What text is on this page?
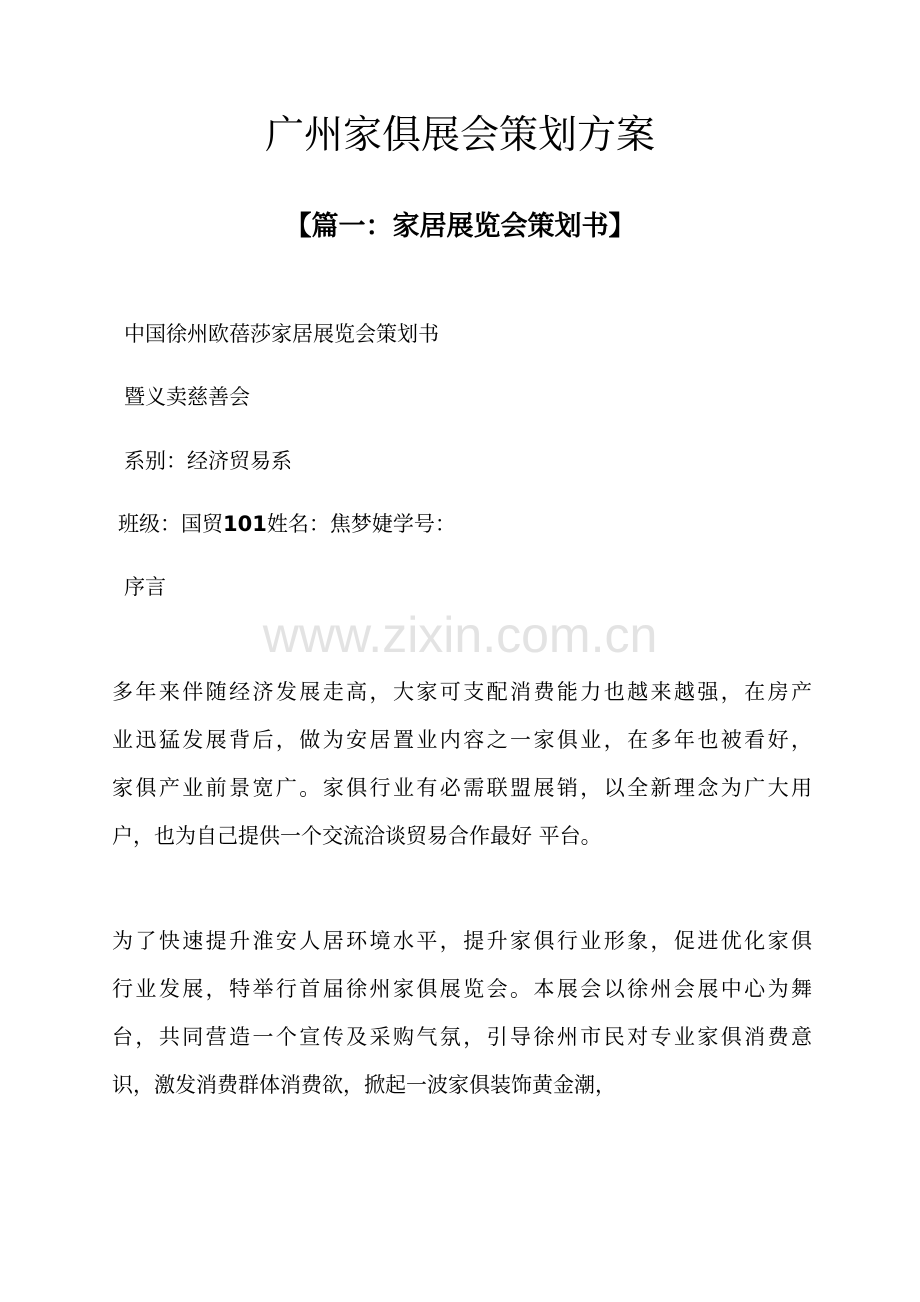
广州家俱展会策划方案
【篇一：家居展览会策划书】
中国徐州欧蓓莎家居展览会策划书
暨义卖慈善会
系别：经济贸易系
班级：国贸101姓名：焦梦婕学号：
序言
www.zixin.com.cn
多年来伴随经济发展走高，大家可支配消费能力也越来越强，在房产
业迅猛发展背后，做为安居置业内容之一家俱业，在多年也被看好，
家俱产业前景宽广。家俱行业有必需联盟展销，以全新理念为广大用
户，也为自己提供一个交流洽谈贸易合作最好 平台。
为了快速提升淮安人居环境水平，提升家俱行业形象，促进优化家俱
行业发展，特举行首届徐州家俱展览会。本展会以徐州会展中心为舞
台，共同营造一个宣传及采购气氛，引导徐州市民对专业家俱消费意
识，激发消费群体消费欲，掀起一波家俱装饰黄金潮，
